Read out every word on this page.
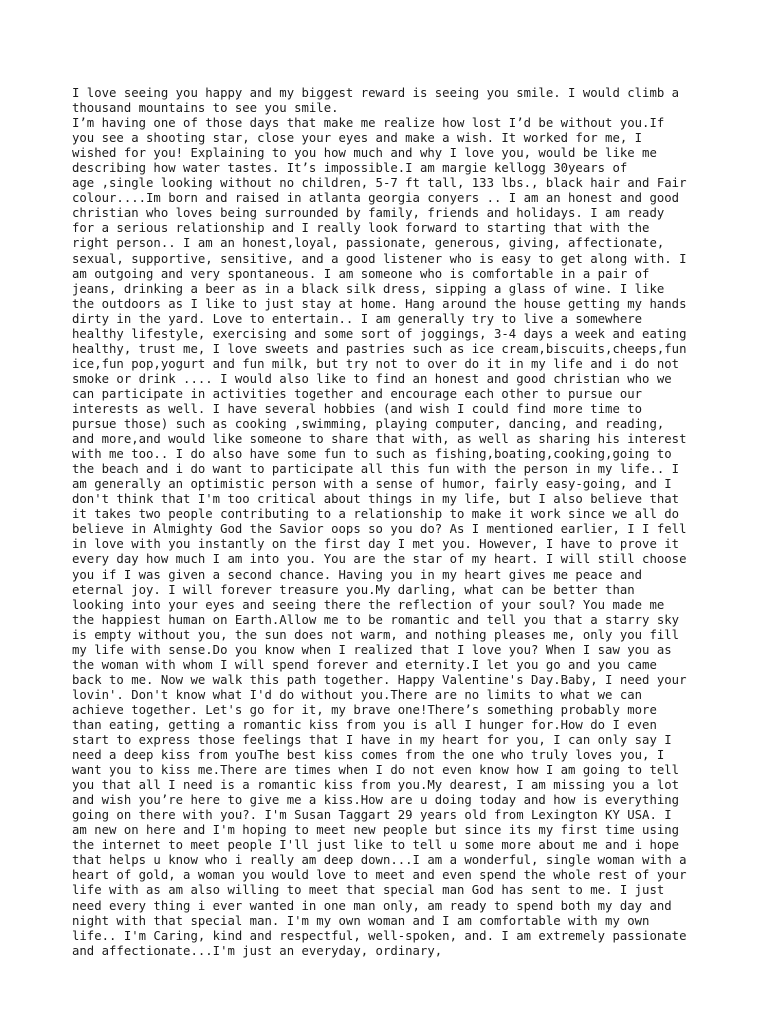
I love seeing you happy and my biggest reward is seeing you smile. I would climb a
thousand mountains to see you smile.
I’m having one of those days that make me realize how lost I’d be without you.If
you see a shooting star, close your eyes and make a wish. It worked for me, I
wished for you! Explaining to you how much and why I love you, would be like me
describing how water tastes. It’s impossible.I am margie kellogg 30years of
age ,single looking without no children, 5-7 ft tall, 133 lbs., black hair and Fair
colour....Im born and raised in atlanta georgia conyers .. I am an honest and good
christian who loves being surrounded by family, friends and holidays. I am ready
for a serious relationship and I really look forward to starting that with the
right person.. I am an honest,loyal, passionate, generous, giving, affectionate,
sexual, supportive, sensitive, and a good listener who is easy to get along with. I
am outgoing and very spontaneous. I am someone who is comfortable in a pair of
jeans, drinking a beer as in a black silk dress, sipping a glass of wine. I like
the outdoors as I like to just stay at home. Hang around the house getting my hands
dirty in the yard. Love to entertain.. I am generally try to live a somewhere
healthy lifestyle, exercising and some sort of joggings, 3-4 days a week and eating
healthy, trust me, I love sweets and pastries such as ice cream,biscuits,cheeps,fun
ice,fun pop,yogurt and fun milk, but try not to over do it in my life and i do not
smoke or drink .... I would also like to find an honest and good christian who we
can participate in activities together and encourage each other to pursue our
interests as well. I have several hobbies (and wish I could find more time to
pursue those) such as cooking ,swimming, playing computer, dancing, and reading,
and more,and would like someone to share that with, as well as sharing his interest
with me too.. I do also have some fun to such as fishing,boating,cooking,going to
the beach and i do want to participate all this fun with the person in my life.. I
am generally an optimistic person with a sense of humor, fairly easy-going, and I
don't think that I'm too critical about things in my life, but I also believe that
it takes two people contributing to a relationship to make it work since we all do
believe in Almighty God the Savior oops so you do? As I mentioned earlier, I I fell
in love with you instantly on the first day I met you. However, I have to prove it
every day how much I am into you. You are the star of my heart. I will still choose
you if I was given a second chance. Having you in my heart gives me peace and
eternal joy. I will forever treasure you.My darling, what can be better than
looking into your eyes and seeing there the reflection of your soul? You made me
the happiest human on Earth.Allow me to be romantic and tell you that a starry sky
is empty without you, the sun does not warm, and nothing pleases me, only you fill
my life with sense.Do you know when I realized that I love you? When I saw you as
the woman with whom I will spend forever and eternity.I let you go and you came
back to me. Now we walk this path together. Happy Valentine's Day.Baby, I need your
lovin'. Don't know what I'd do without you.There are no limits to what we can
achieve together. Let's go for it, my brave one!There’s something probably more
than eating, getting a romantic kiss from you is all I hunger for.How do I even
start to express those feelings that I have in my heart for you, I can only say I
need a deep kiss from youThe best kiss comes from the one who truly loves you, I
want you to kiss me.There are times when I do not even know how I am going to tell
you that all I need is a romantic kiss from you.My dearest, I am missing you a lot
and wish you’re here to give me a kiss.How are u doing today and how is everything
going on there with you?. I'm Susan Taggart 29 years old from Lexington KY USA. I
am new on here and I'm hoping to meet new people but since its my first time using
the internet to meet people I'll just like to tell u some more about me and i hope
that helps u know who i really am deep down...I am a wonderful, single woman with a
heart of gold, a woman you would love to meet and even spend the whole rest of your
life with as am also willing to meet that special man God has sent to me. I just
need every thing i ever wanted in one man only, am ready to spend both my day and
night with that special man. I'm my own woman and I am comfortable with my own
life.. I'm Caring, kind and respectful, well-spoken, and. I am extremely passionate
and affectionate...I'm just an everyday, ordinary,
